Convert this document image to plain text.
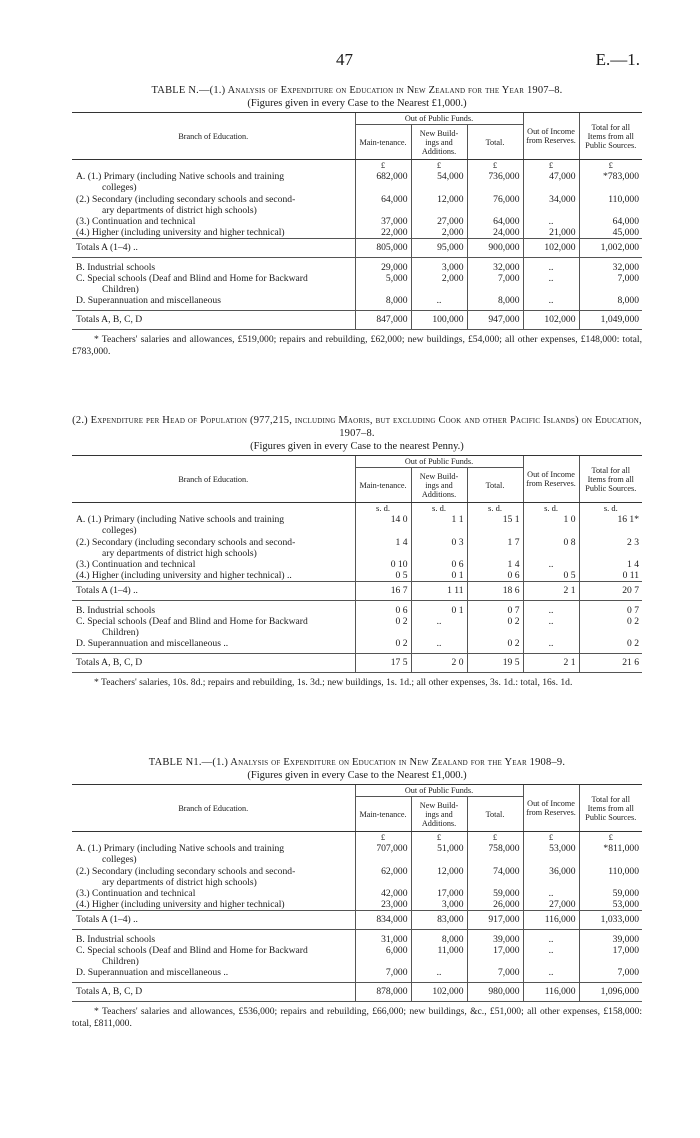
47	E.—1.
TABLE N.—(1.) Analysis of Expenditure on Education in New Zealand for the Year 1907–8.
(Figures given in every Case to the Nearest £1,000.)
Branch of Education.	Out of Public Funds.			Out of Income from Reserves.	Total for all Items from all Public Sources.
	Main-tenance.	New Build-ings and Additions.	Total.		
	£	£	£	£	£
A. (1.) Primary (including Native schools and training
colleges)	682,000	54,000	736,000	47,000	*783,000
(2.) Secondary (including secondary schools and second-
ary departments of district high schools)	64,000	12,000	76,000	34,000	110,000
(3.) Continuation and technical	37,000	27,000	64,000	..	64,000
(4.) Higher (including university and higher technical)	22,000	2,000	24,000	21,000	45,000
Totals A (1–4) ..	805,000	95,000	900,000	102,000	1,002,000

B. Industrial schools	29,000	3,000	32,000	..	32,000
C. Special schools (Deaf and Blind and Home for Backward
Children)	5,000	2,000	7,000	..	7,000
D. Superannuation and miscellaneous	8,000	..	8,000	..	8,000

Totals A, B, C, D	847,000	100,000	947,000	102,000	1,049,000
* Teachers' salaries and allowances, £519,000; repairs and rebuilding, £62,000; new buildings, £54,000; all other expenses, £148,000: total, £783,000.
(2.) Expenditure per Head of Population (977,215, including Maoris, but excluding Cook and other Pacific Islands) on Education, 1907–8.
(Figures given in every Case to the nearest Penny.)
Branch of Education.	Out of Public Funds.			Out of Income from Reserves.	Total for all Items from all Public Sources.
	Main-tenance.	New Build-ings and Additions.	Total.		
	s. d.	s. d.	s. d.	s. d.	s. d.
A. (1.) Primary (including Native schools and training
colleges)	14 0	1 1	15 1	1 0	16 1*
(2.) Secondary (including secondary schools and second-
ary departments of district high schools)	1 4	0 3	1 7	0 8	2 3
(3.) Continuation and technical	0 10	0 6	1 4	..	1 4
(4.) Higher (including university and higher technical) ..	0 5	0 1	0 6	0 5	0 11
Totals A (1–4) ..	16 7	1 11	18 6	2 1	20 7

B. Industrial schools	0 6	0 1	0 7	..	0 7
C. Special schools (Deaf and Blind and Home for Backward
Children)	0 2	..	0 2	..	0 2
D. Superannuation and miscellaneous ..	0 2	..	0 2	..	0 2

Totals A, B, C, D	17 5	2 0	19 5	2 1	21 6
* Teachers' salaries, 10s. 8d.; repairs and rebuilding, 1s. 3d.; new buildings, 1s. 1d.; all other expenses, 3s. 1d.: total, 16s. 1d.
TABLE N1.—(1.) Analysis of Expenditure on Education in New Zealand for the Year 1908–9.
(Figures given in every Case to the Nearest £1,000.)
Branch of Education.	Out of Public Funds.			Out of Income from Reserves.	Total for all Items from all Public Sources.
	Main-tenance.	New Build-ings and Additions.	Total.		
	£	£	£	£	£
A. (1.) Primary (including Native schools and training
colleges)	707,000	51,000	758,000	53,000	*811,000
(2.) Secondary (including secondary schools and second-
ary departments of district high schools)	62,000	12,000	74,000	36,000	110,000
(3.) Continuation and technical	42,000	17,000	59,000	..	59,000
(4.) Higher (including university and higher technical)	23,000	3,000	26,000	27,000	53,000
Totals A (1–4) ..	834,000	83,000	917,000	116,000	1,033,000

B. Industrial schools	31,000	8,000	39,000	..	39,000
C. Special schools (Deaf and Blind and Home for Backward
Children)	6,000	11,000	17,000	..	17,000
D. Superannuation and miscellaneous ..	7,000	..	7,000	..	7,000

Totals A, B, C, D	878,000	102,000	980,000	116,000	1,096,000
* Teachers' salaries and allowances, £536,000; repairs and rebuilding, £66,000; new buildings, &c., £51,000; all other expenses, £158,000: total, £811,000.
